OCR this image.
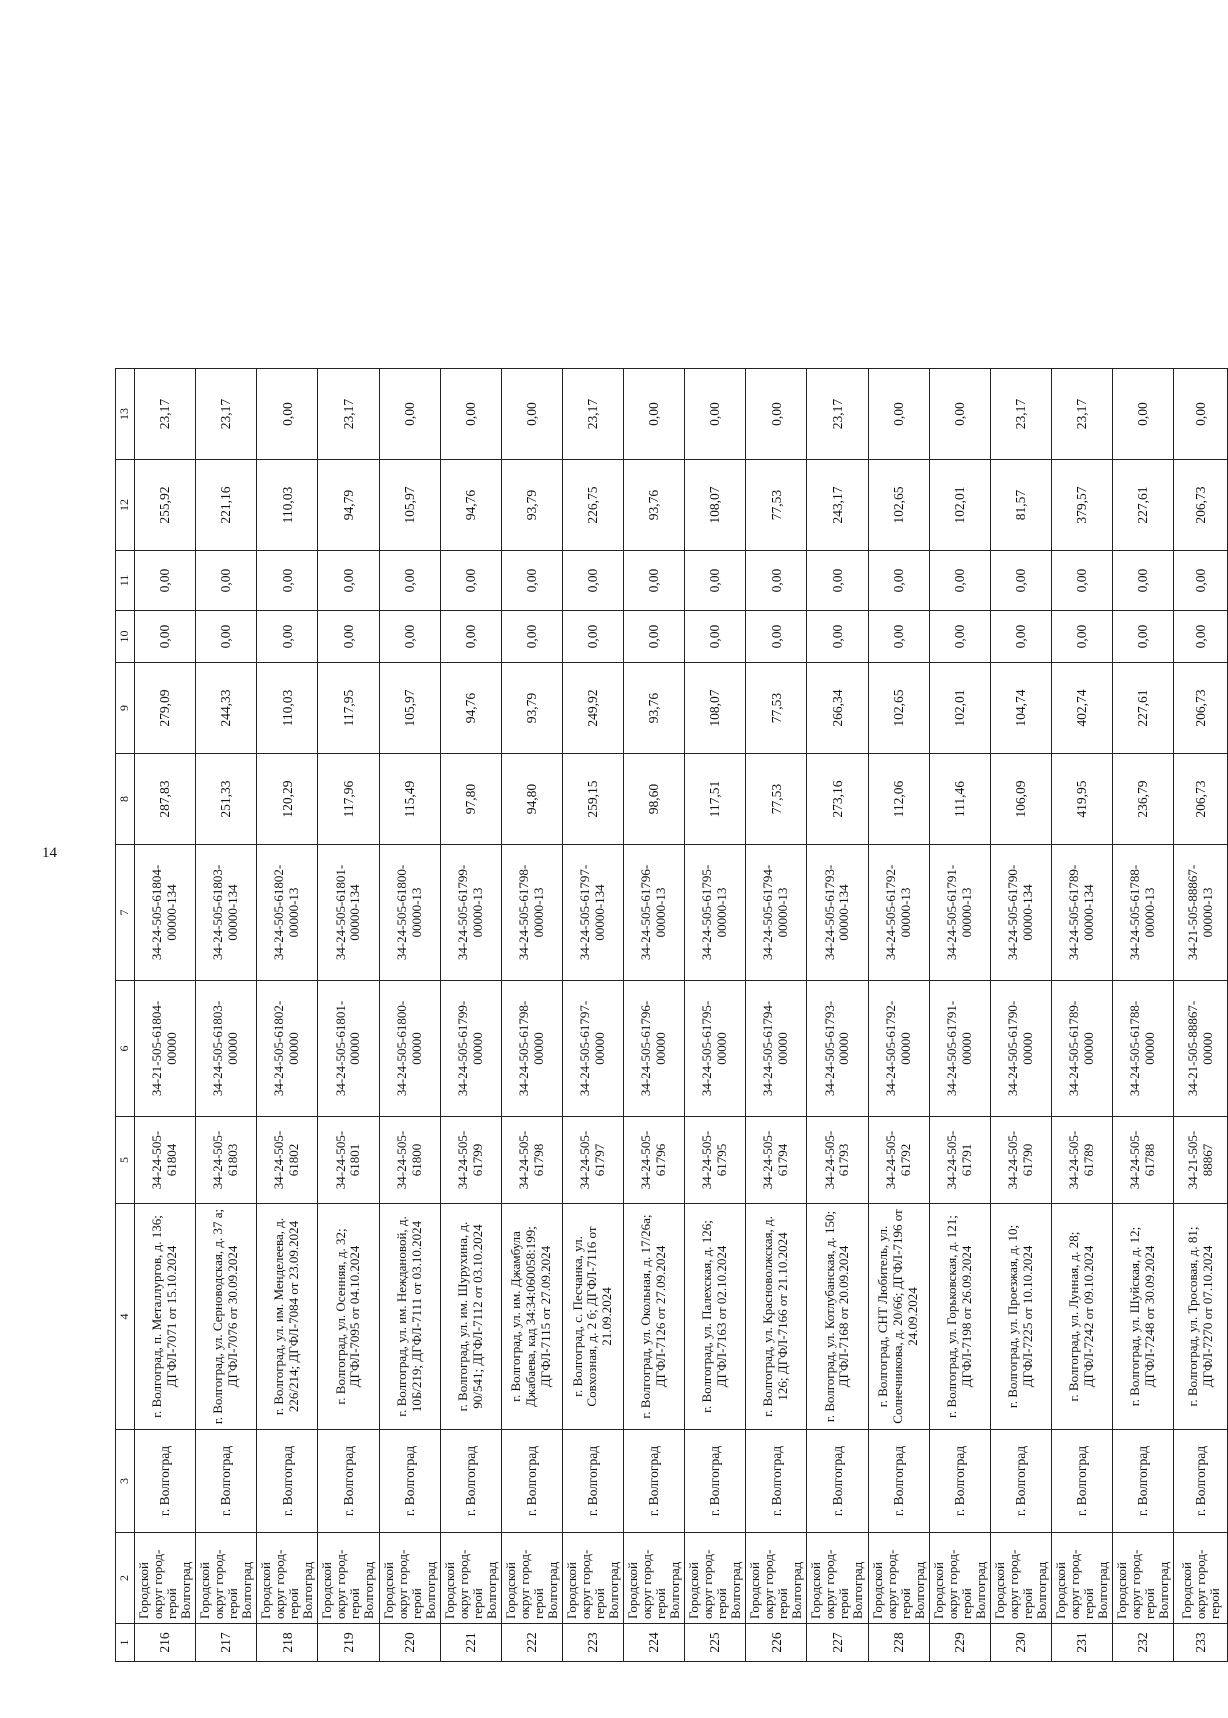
14
1	2	3	4	5	6	7	8	9	10	11	12	13
216	Городской округ город-герой Волгоград	г. Волгоград	г. Волгоград, п. Металлургов, д. 136; ДГФЛ-7071 от 15.10.2024	34-24-505-61804	34-21-505-61804-00000	34-24-505-61804-00000-134	287,83	279,09	0,00	0,00	255,92	23,17
217	Городской округ город-герой Волгоград	г. Волгоград	г. Волгоград, ул. Серноводская, д. 37 а; ДГФЛ-7076 от 30.09.2024	34-24-505-61803	34-24-505-61803-00000	34-24-505-61803-00000-134	251,33	244,33	0,00	0,00	221,16	23,17
218	Городской округ город-герой Волгоград	г. Волгоград	г. Волгоград, ул. им. Менделеева, д. 226/214; ДГФЛ-7084 от 23.09.2024	34-24-505-61802	34-24-505-61802-00000	34-24-505-61802-00000-13	120,29	110,03	0,00	0,00	110,03	0,00
219	Городской округ город-герой Волгоград	г. Волгоград	г. Волгоград, ул. Осенняя, д. 32; ДГФЛ-7095 от 04.10.2024	34-24-505-61801	34-24-505-61801-00000	34-24-505-61801-00000-134	117,96	117,95	0,00	0,00	94,79	23,17
220	Городской округ город-герой Волгоград	г. Волгоград	г. Волгоград, ул. им. Неждановой, д. 10Б/219; ДГФЛ-7111 от 03.10.2024	34-24-505-61800	34-24-505-61800-00000	34-24-505-61800-00000-13	115,49	105,97	0,00	0,00	105,97	0,00
221	Городской округ город-герой Волгоград	г. Волгоград	г. Волгоград, ул. им. Шурухина, д. 90/541; ДГФЛ-7112 от 03.10.2024	34-24-505-61799	34-24-505-61799-00000	34-24-505-61799-00000-13	97,80	94,76	0,00	0,00	94,76	0,00
222	Городской округ город-герой Волгоград	г. Волгоград	г. Волгоград, ул. им. Джамбула Джабаева, кад 34:34:060058:199; ДГФЛ-7115 от 27.09.2024	34-24-505-61798	34-24-505-61798-00000	34-24-505-61798-00000-13	94,80	93,79	0,00	0,00	93,79	0,00
223	Городской округ город-герой Волгоград	г. Волгоград	г. Волгоград, с. Песчанка, ул. Совхозная, д. 2 б; ДГФЛ-7116 от 21.09.2024	34-24-505-61797	34-24-505-61797-00000	34-24-505-61797-00000-134	259,15	249,92	0,00	0,00	226,75	23,17
224	Городской округ город-герой Волгоград	г. Волгоград	г. Волгоград, ул. Окольная, д. 17/26а; ДГФЛ-7126 от 27.09.2024	34-24-505-61796	34-24-505-61796-00000	34-24-505-61796-00000-13	98,60	93,76	0,00	0,00	93,76	0,00
225	Городской округ город-герой Волгоград	г. Волгоград	г. Волгоград, ул. Палехская, д. 126; ДГФЛ-7163 от 02.10.2024	34-24-505-61795	34-24-505-61795-00000	34-24-505-61795-00000-13	117,51	108,07	0,00	0,00	108,07	0,00
226	Городской округ город-герой Волгоград	г. Волгоград	г. Волгоград, ул. Красноволжская, д. 126; ДГФЛ-7166 от 21.10.2024	34-24-505-61794	34-24-505-61794-00000	34-24-505-61794-00000-13	77,53	77,53	0,00	0,00	77,53	0,00
227	Городской округ город-герой Волгоград	г. Волгоград	г. Волгоград, ул. Котлубанская, д. 150; ДГФЛ-7168 от 20.09.2024	34-24-505-61793	34-24-505-61793-00000	34-24-505-61793-00000-134	273,16	266,34	0,00	0,00	243,17	23,17
228	Городской округ город-герой Волгоград	г. Волгоград	г. Волгоград, СНТ Любитель, ул. Солнечникова, д. 20/66; ДГФЛ-7196 от 24.09.2024	34-24-505-61792	34-24-505-61792-00000	34-24-505-61792-00000-13	112,06	102,65	0,00	0,00	102,65	0,00
229	Городской округ город-герой Волгоград	г. Волгоград	г. Волгоград, ул. Горьковская, д. 121; ДГФЛ-7198 от 26.09.2024	34-24-505-61791	34-24-505-61791-00000	34-24-505-61791-00000-13	111,46	102,01	0,00	0,00	102,01	0,00
230	Городской округ город-герой Волгоград	г. Волгоград	г. Волгоград, ул. Проезжая, д. 10; ДГФЛ-7225 от 10.10.2024	34-24-505-61790	34-24-505-61790-00000	34-24-505-61790-00000-134	106,09	104,74	0,00	0,00	81,57	23,17
231	Городской округ город-герой Волгоград	г. Волгоград	г. Волгоград, ул. Лунная, д. 28; ДГФЛ-7242 от 09.10.2024	34-24-505-61789	34-24-505-61789-00000	34-24-505-61789-00000-134	419,95	402,74	0,00	0,00	379,57	23,17
232	Городской округ город-герой Волгоград	г. Волгоград	г. Волгоград, ул. Шуйская, д. 12; ДГФЛ-7248 от 30.09.2024	34-24-505-61788	34-24-505-61788-00000	34-24-505-61788-00000-13	236,79	227,61	0,00	0,00	227,61	0,00
233	Городской округ город-герой	г. Волгоград	г. Волгоград, ул. Тросовая, д. 81; ДГФЛ-7270 от 07.10.2024	34-21-505-88867	34-21-505-88867-00000	34-21-505-88867-00000-13	206,73	206,73	0,00	0,00	206,73	0,00
